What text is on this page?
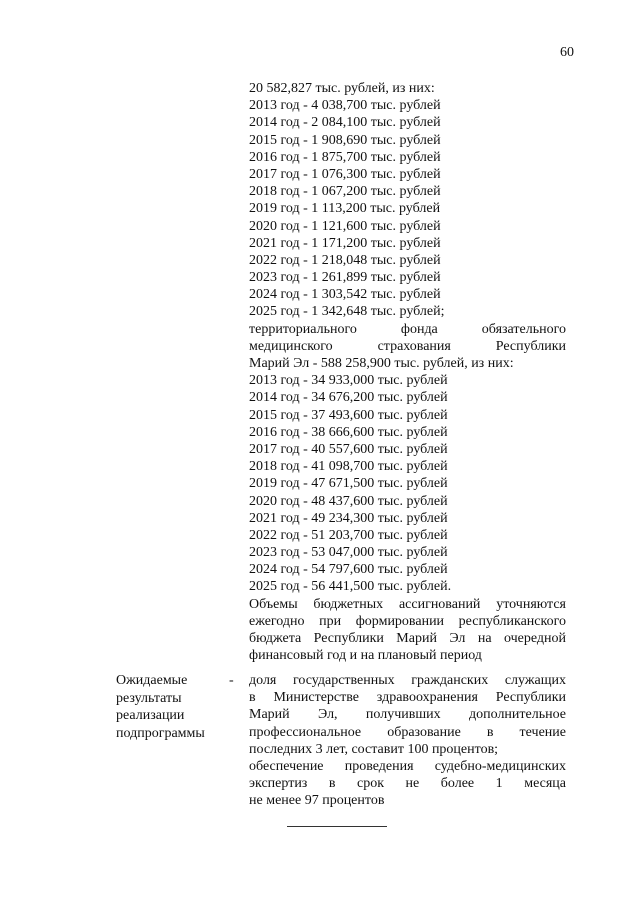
60
20 582,827 тыс. рублей, из них:
2013 год - 4 038,700 тыс. рублей
2014 год - 2 084,100 тыс. рублей
2015 год - 1 908,690 тыс. рублей
2016 год - 1 875,700 тыс. рублей
2017 год - 1 076,300 тыс. рублей
2018 год - 1 067,200 тыс. рублей
2019 год - 1 113,200 тыс. рублей
2020 год - 1 121,600 тыс. рублей
2021 год - 1 171,200 тыс. рублей
2022 год - 1 218,048 тыс. рублей
2023 год - 1 261,899 тыс. рублей
2024 год - 1 303,542 тыс. рублей
2025 год - 1 342,648 тыс. рублей;
территориального фонда обязательного
медицинского страхования Республики
Марий Эл - 588 258,900 тыс. рублей, из них:
2013 год - 34 933,000 тыс. рублей
2014 год - 34 676,200 тыс. рублей
2015 год - 37 493,600 тыс. рублей
2016 год - 38 666,600 тыс. рублей
2017 год - 40 557,600 тыс. рублей
2018 год - 41 098,700 тыс. рублей
2019 год - 47 671,500 тыс. рублей
2020 год - 48 437,600 тыс. рублей
2021 год - 49 234,300 тыс. рублей
2022 год - 51 203,700 тыс. рублей
2023 год - 53 047,000 тыс. рублей
2024 год - 54 797,600 тыс. рублей
2025 год - 56 441,500 тыс. рублей.
Объемы бюджетных ассигнований уточняются
ежегодно при формировании республиканского
бюджета Республики Марий Эл на очередной
финансовый год и на плановый период
Ожидаемые
результаты
реализации
подпрограммы
- доля государственных гражданских служащих
в Министерстве здравоохранения Республики
Марий Эл, получивших дополнительное
профессиональное образование в течение
последних 3 лет, составит 100 процентов;
обеспечение проведения судебно-медицинских
экспертиз в срок не более 1 месяца
не менее 97 процентов
